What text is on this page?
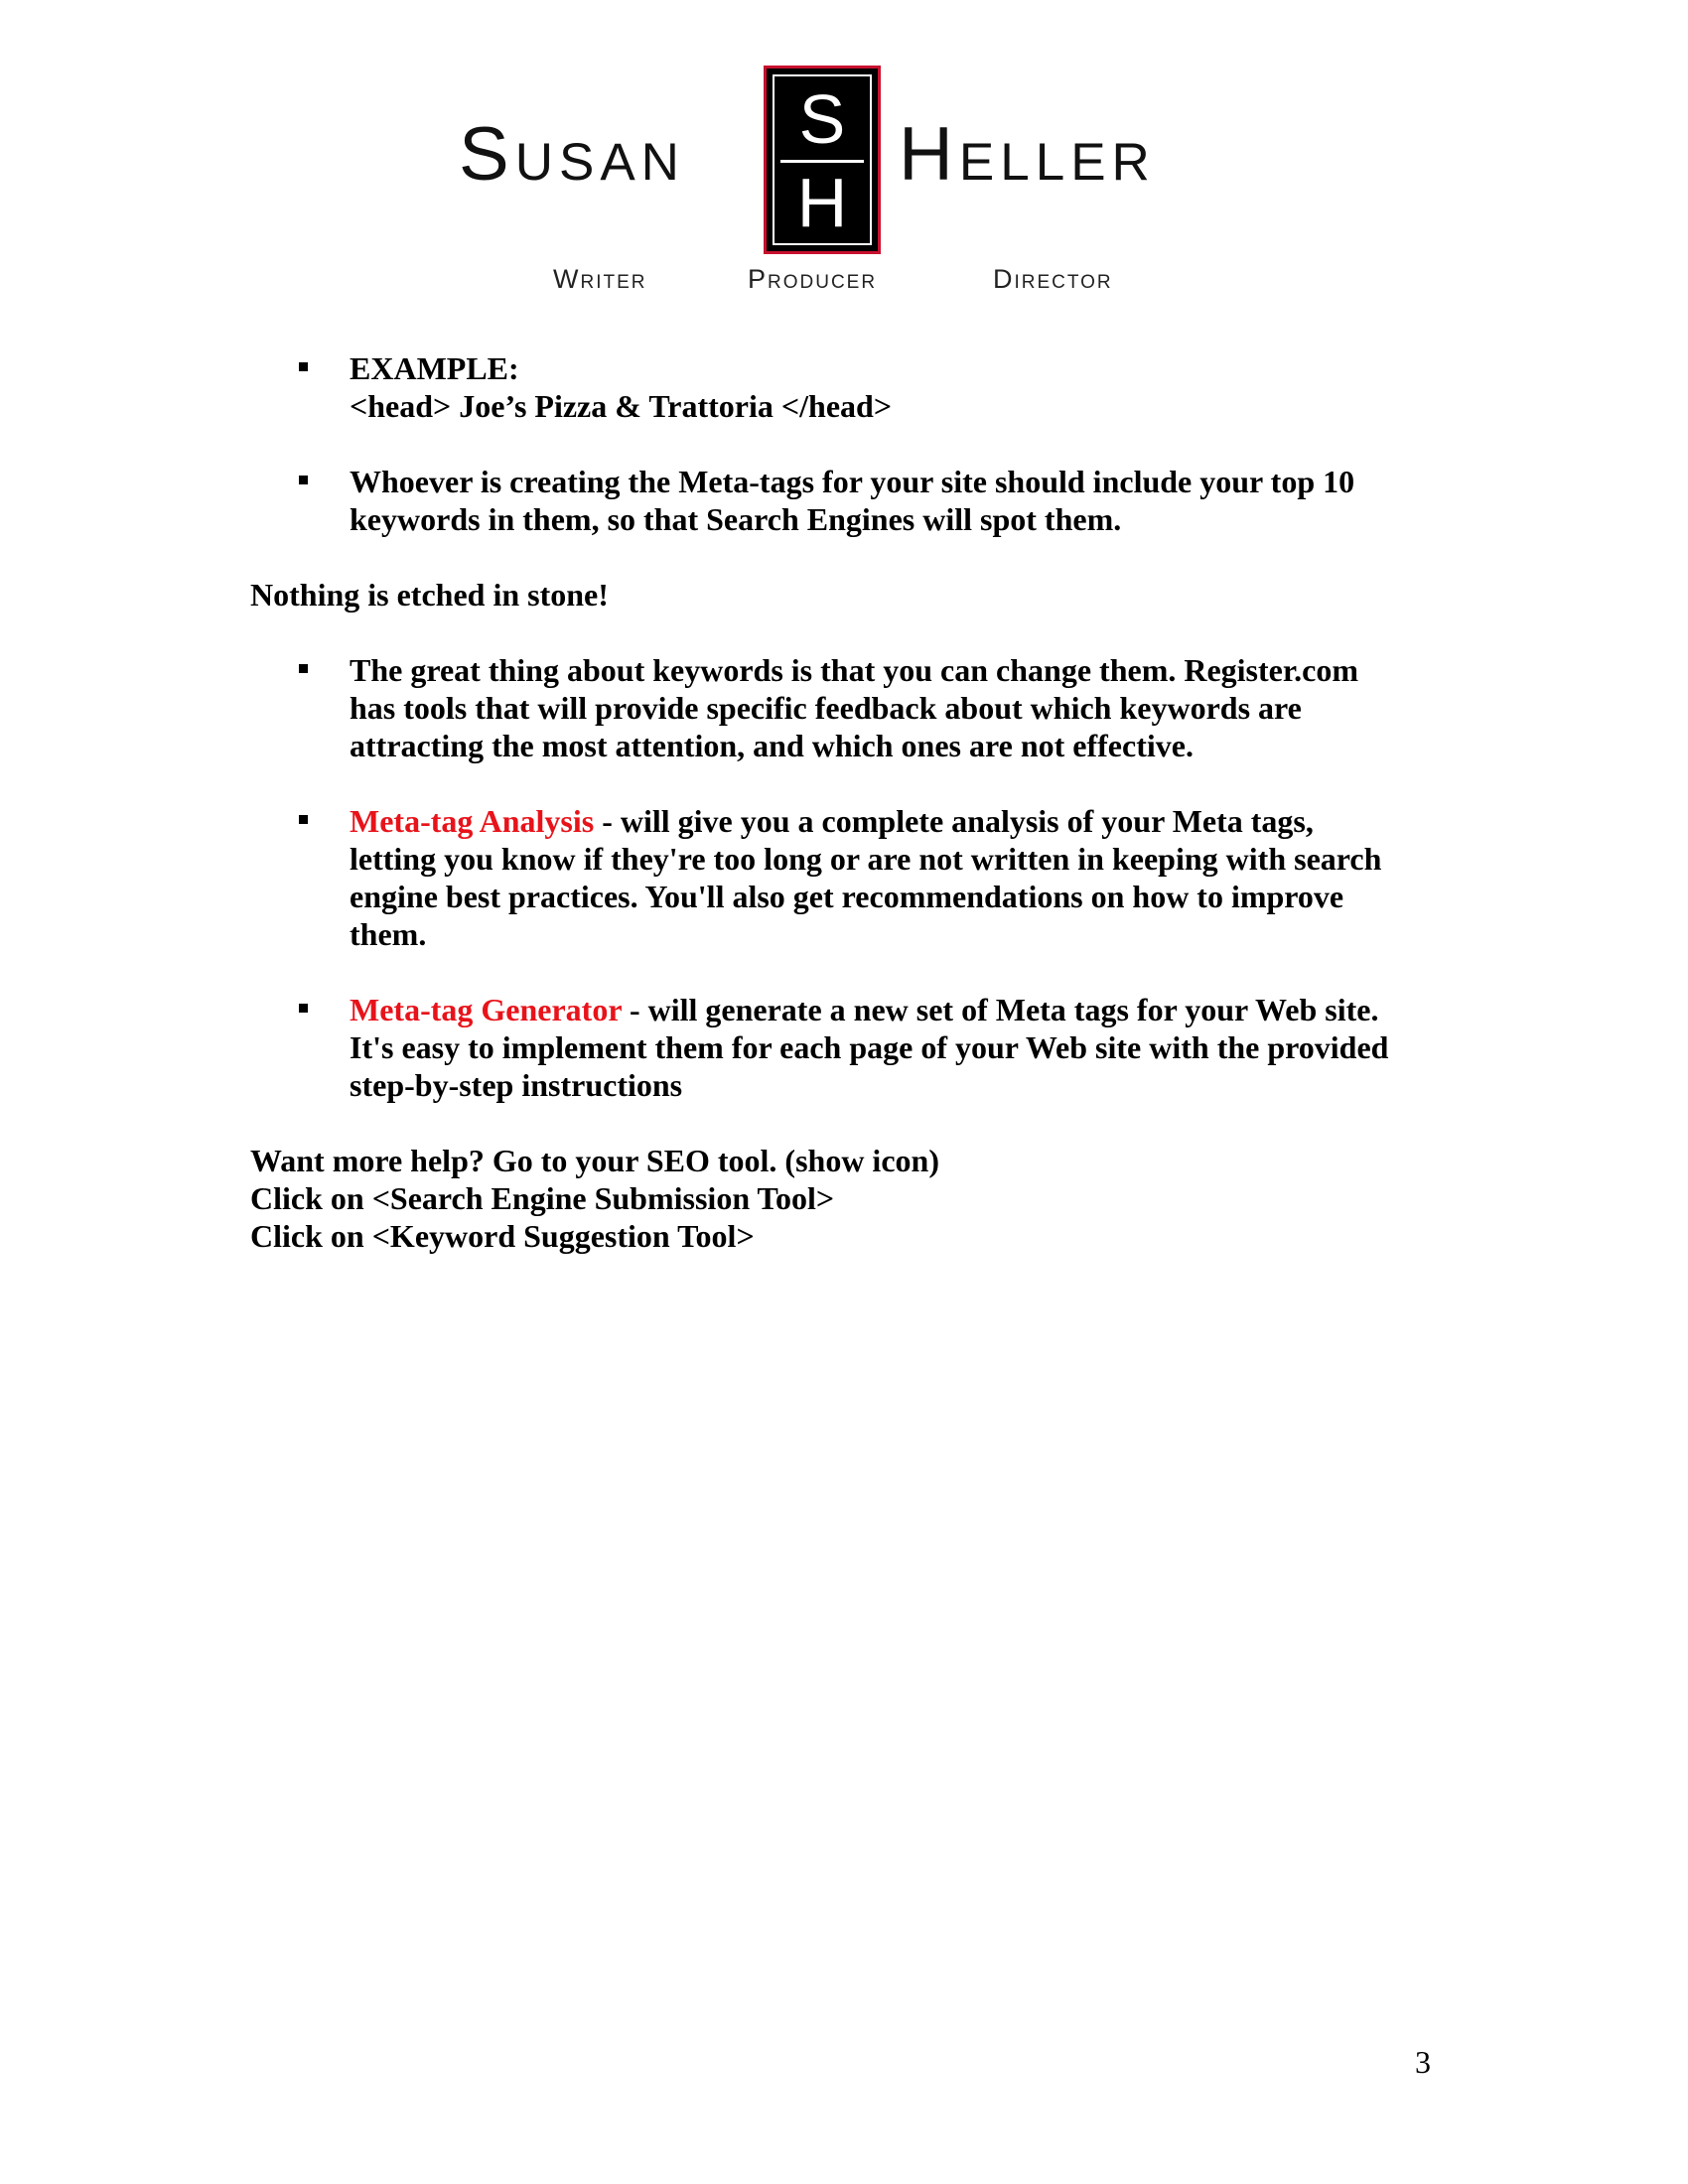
Susan	S
H
Heller
Writer	Producer	Director
EXAMPLE:
<head> Joe’s Pizza & Trattoria </head>
Whoever is creating the Meta-tags for your site should include your top 10
keywords in them, so that Search Engines will spot them.

Nothing is etched in stone!

The great thing about keywords is that you can change them. Register.com
has tools that will provide specific feedback about which keywords are
attracting the most attention, and which ones are not effective.
Meta-tag Analysis - will give you a complete analysis of your Meta tags,
letting you know if they're too long or are not written in keeping with search
engine best practices. You'll also get recommendations on how to improve
them.
Meta-tag Generator - will generate a new set of Meta tags for your Web site.
It's easy to implement them for each page of your Web site with the provided
step-by-step instructions
Want more help? Go to your SEO tool. (show icon)
Click on <Search Engine Submission Tool>
Click on <Keyword Suggestion Tool>
3
